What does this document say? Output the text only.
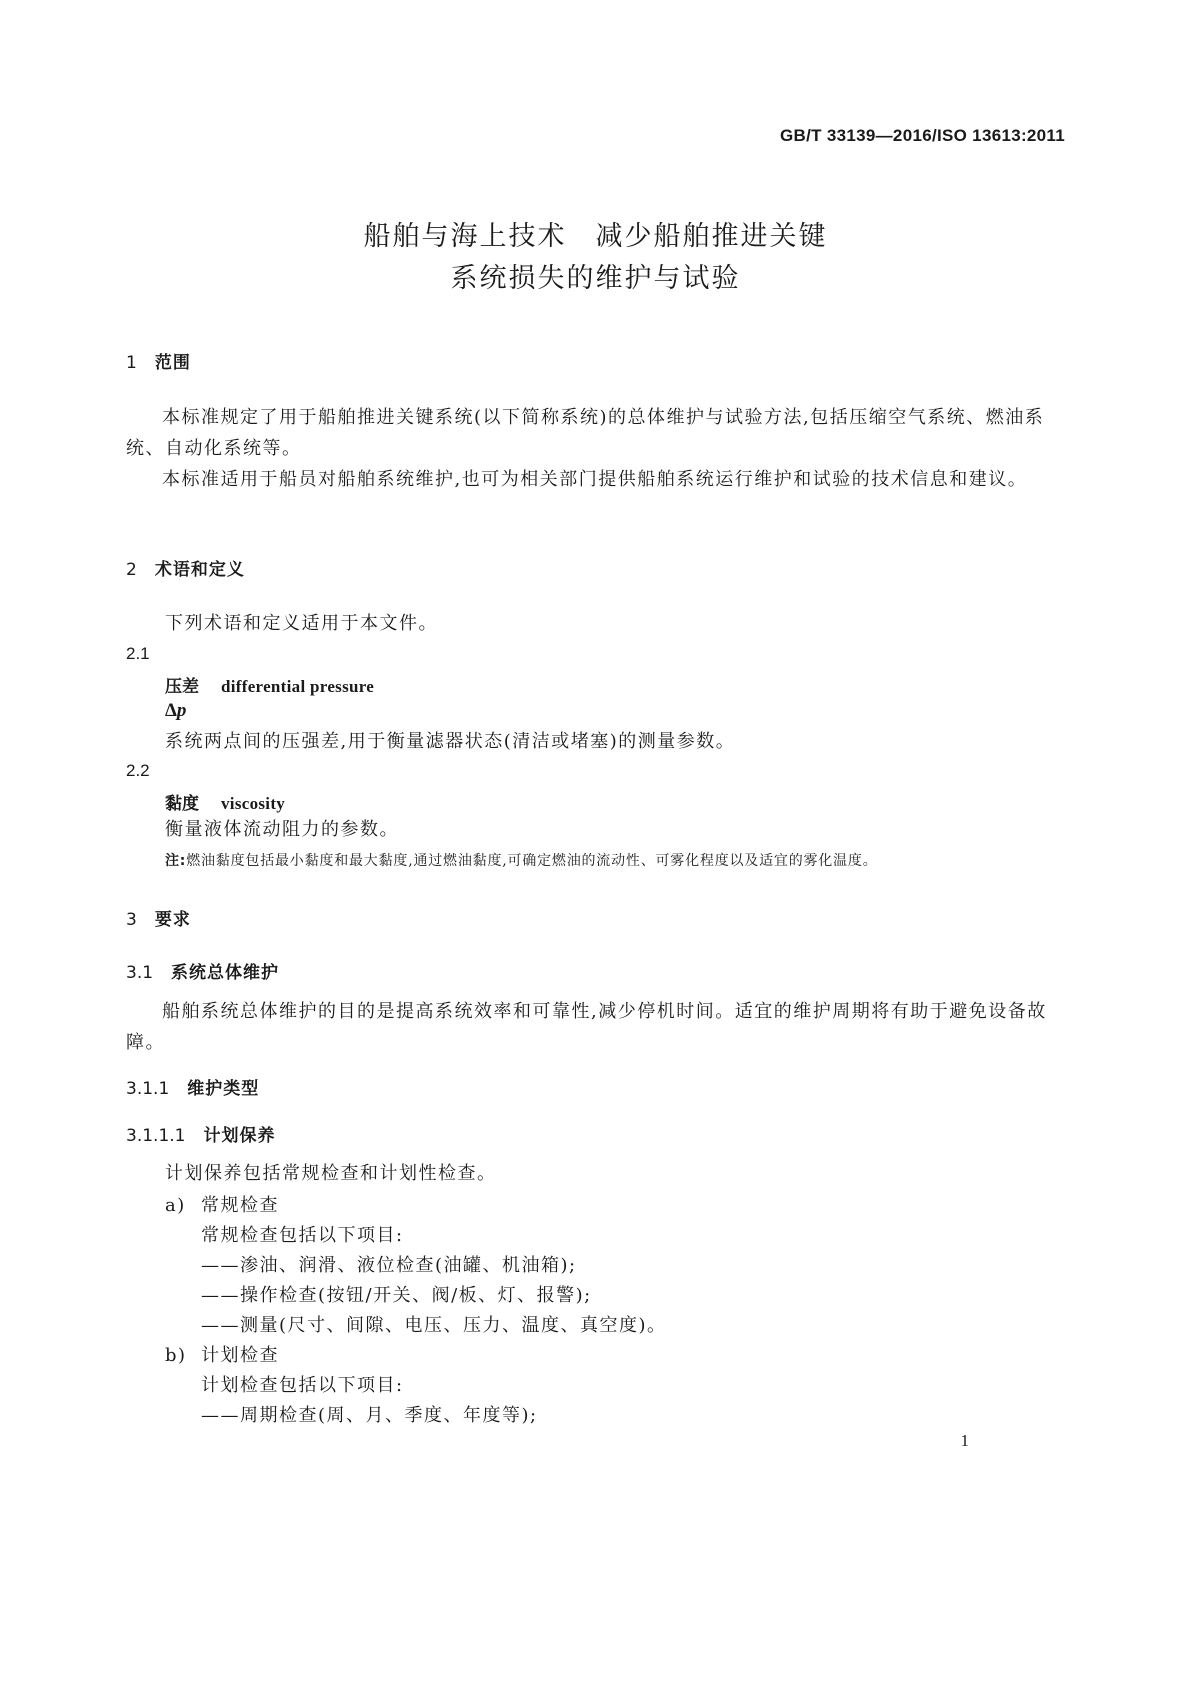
GB/T 33139—2016/ISO 13613:2011
船舶与海上技术　减少船舶推进关键
系统损失的维护与试验
1 范围
本标准规定了用于船舶推进关键系统(以下简称系统)的总体维护与试验方法,包括压缩空气系统、燃油系统、自动化系统等。
本标准适用于船员对船舶系统维护,也可为相关部门提供船舶系统运行维护和试验的技术信息和建议。
2 术语和定义
下列术语和定义适用于本文件。
2.1
压差 differential pressure
Δp
系统两点间的压强差,用于衡量滤器状态(清洁或堵塞)的测量参数。
2.2
黏度 viscosity
衡量液体流动阻力的参数。
注:燃油黏度包括最小黏度和最大黏度,通过燃油黏度,可确定燃油的流动性、可雾化程度以及适宜的雾化温度。
3 要求
3.1 系统总体维护
船舶系统总体维护的目的是提高系统效率和可靠性,减少停机时间。适宜的维护周期将有助于避免设备故障。
3.1.1 维护类型
3.1.1.1 计划保养
计划保养包括常规检查和计划性检查。
a) 常规检查
常规检查包括以下项目:
——渗油、润滑、液位检查(油罐、机油箱);
——操作检查(按钮/开关、阀/板、灯、报警);
——测量(尺寸、间隙、电压、压力、温度、真空度)。
b) 计划检查
计划检查包括以下项目:
——周期检查(周、月、季度、年度等);
1
